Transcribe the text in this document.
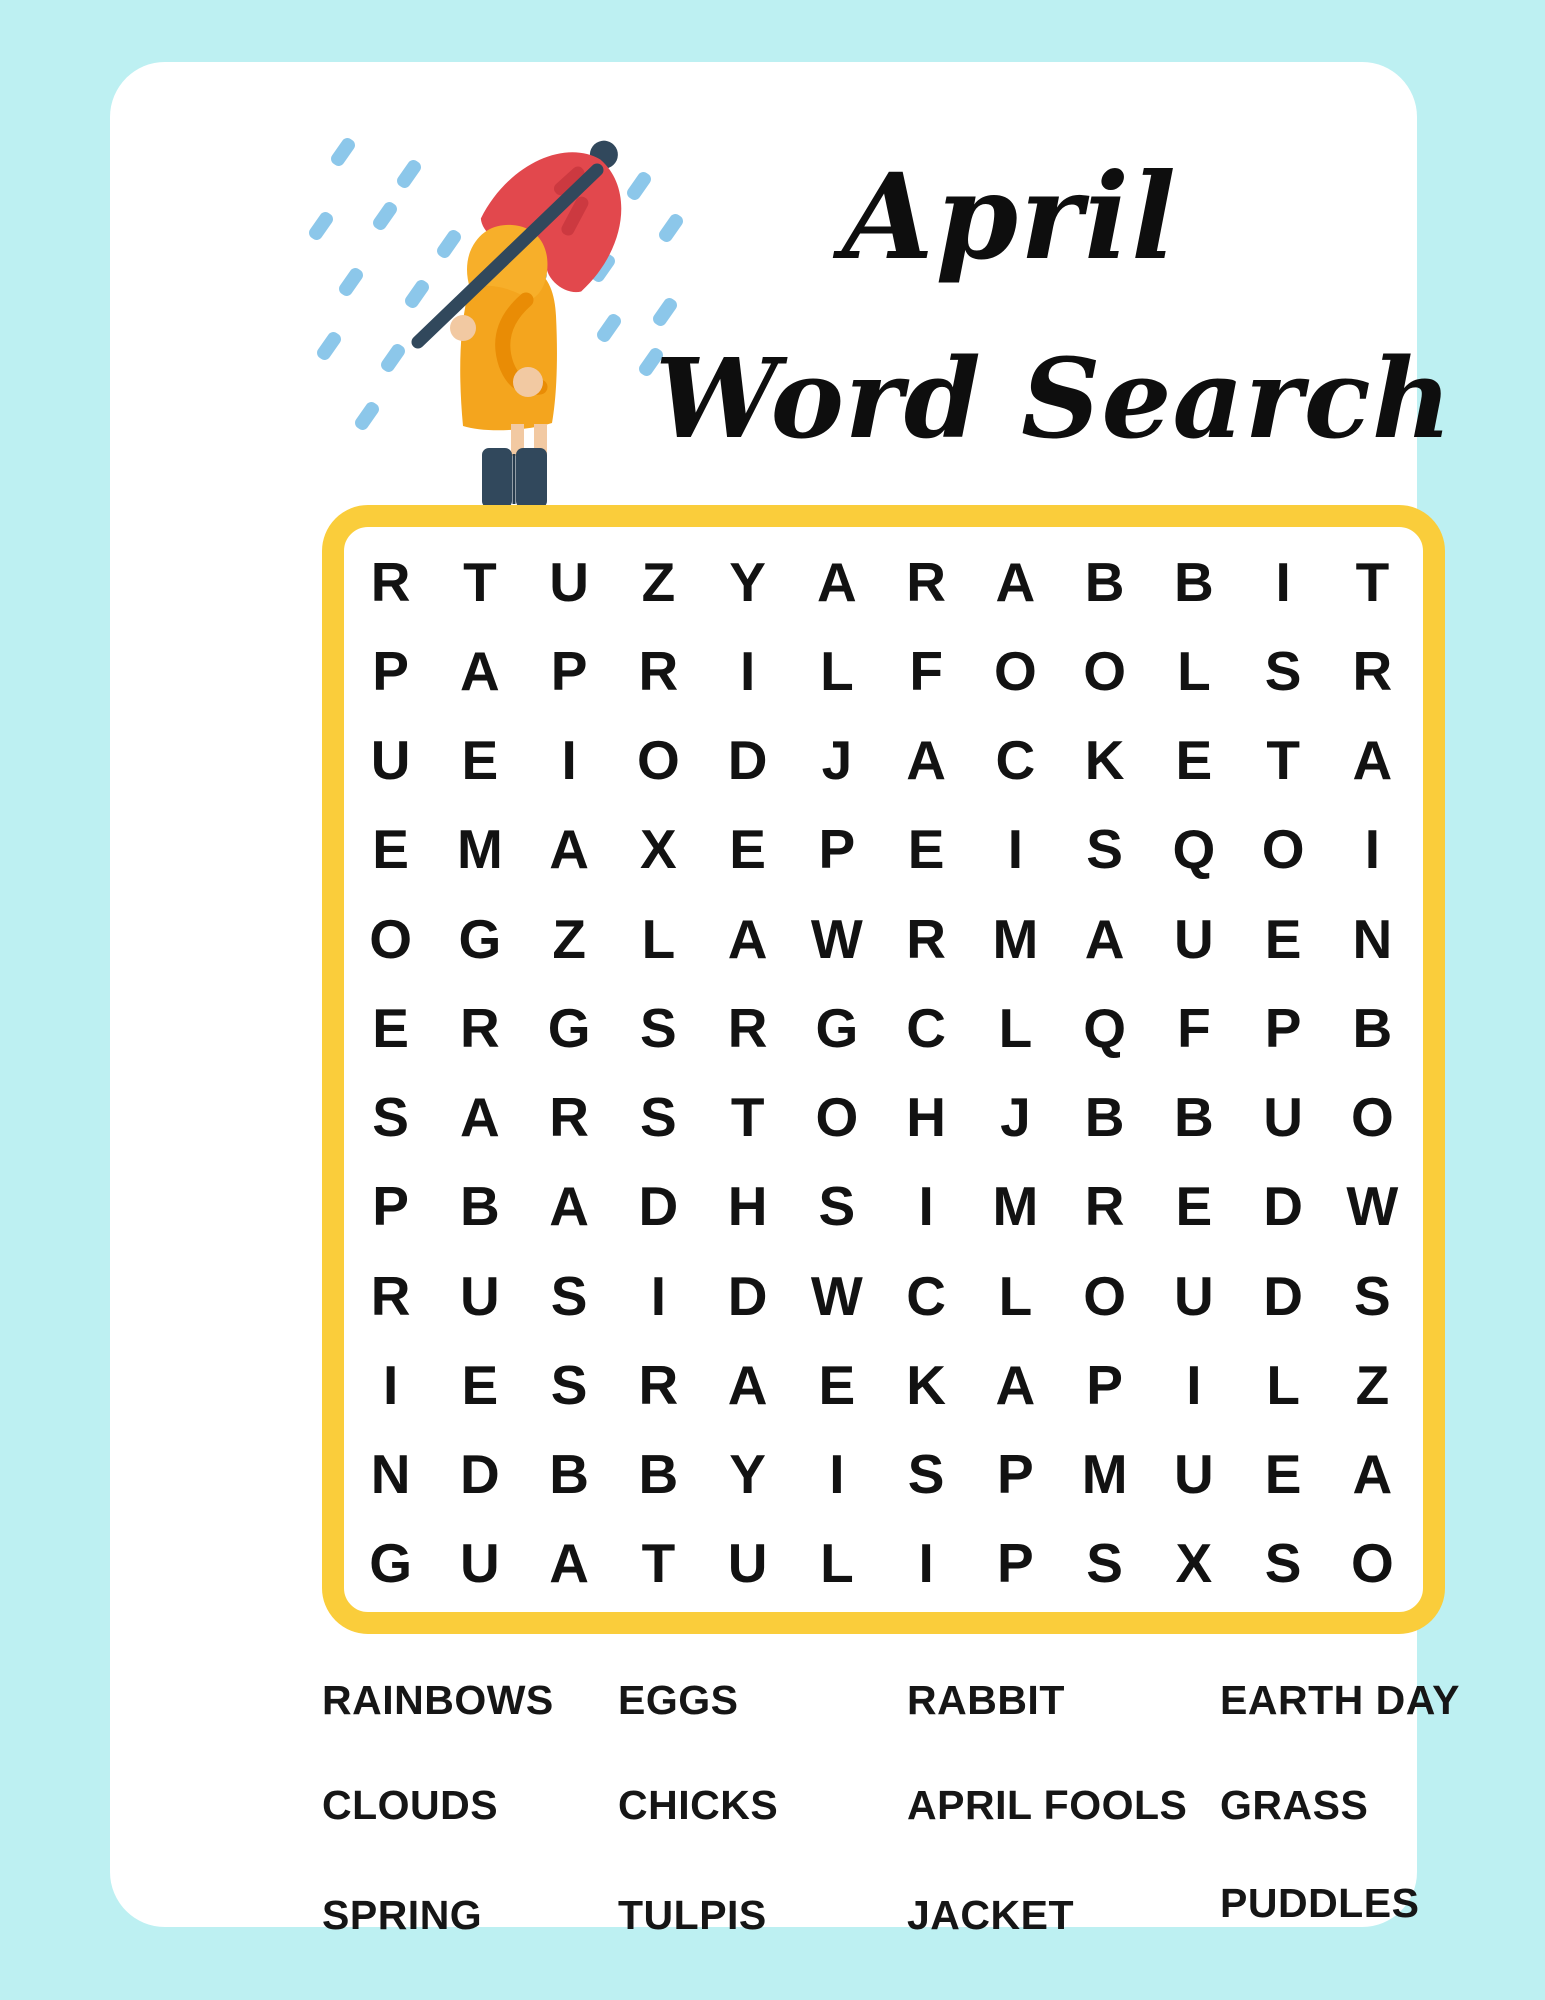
April
Word Search
R T U Z Y A R A B B	I	T
P A P R	I	L	F O O L S R
U E	I	O D J A C K E T A
E M A X E P E	I	S Q O	I
O G Z	L A W R M A U E N
E R G S R G C L Q F P B
S A R S T O H J B B U O
P B A D H S	I	M R E D W
R U S	I	D W C L O U D S
I	E S R A E K A P	I	L	Z
N D B B Y	I	S P M U E A
G U A T U L	I	P S X S O
RAINBOWS	EGGS	RABBIT	EARTH DAY
CLOUDS	CHICKS	APRIL FOOLS GRASS
SPRING	TULPIS	JACKET	PUDDLES
